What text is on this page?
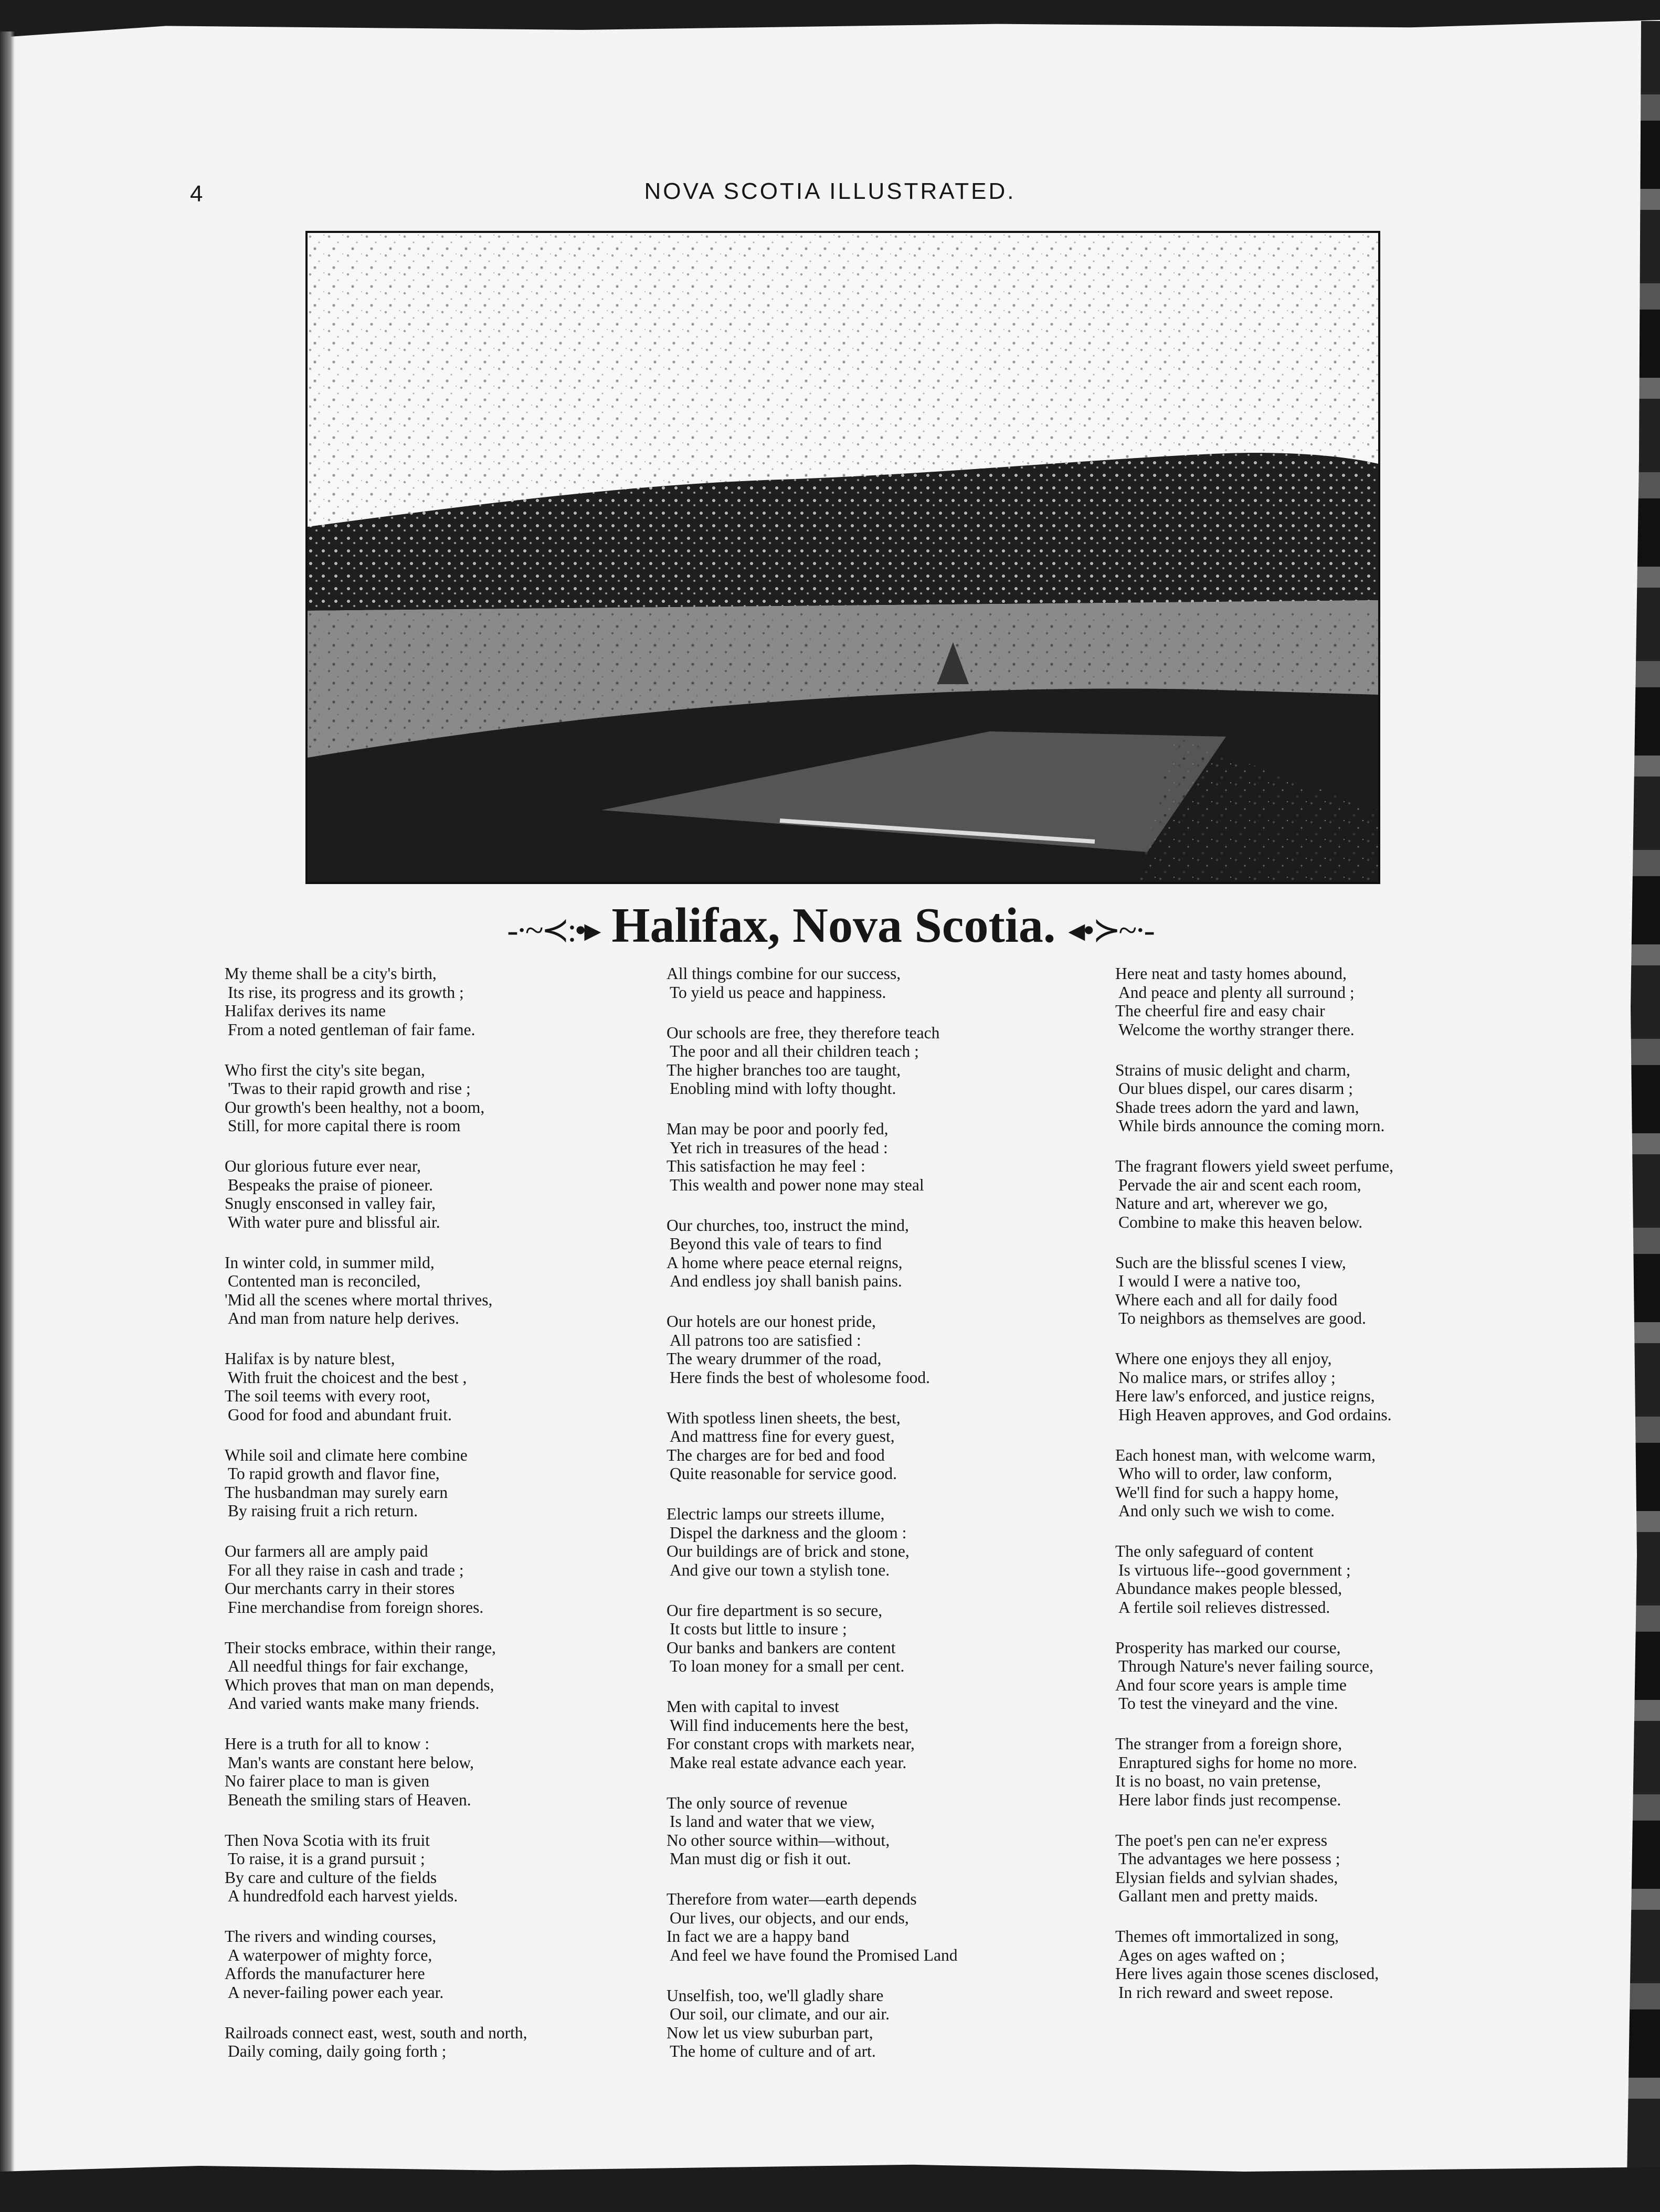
4	NOVA SCOTIA ILLUSTRATED.
-·~≺:•▸ Halifax, Nova Scotia. ◂•≻~·-
My theme shall be a city's birth,
Its rise, its progress and its growth ;
Halifax derives its name
From a noted gentleman of fair fame.
Who first the city's site began,
'Twas to their rapid growth and rise ;
Our growth's been healthy, not a boom,
Still, for more capital there is room
Our glorious future ever near,
Bespeaks the praise of pioneer.
Snugly ensconsed in valley fair,
With water pure and blissful air.
In winter cold, in summer mild,
Contented man is reconciled,
'Mid all the scenes where mortal thrives,
And man from nature help derives.
Halifax is by nature blest,
With fruit the choicest and the best ,
The soil teems with every root,
Good for food and abundant fruit.
While soil and climate here combine
To rapid growth and flavor fine,
The husbandman may surely earn
By raising fruit a rich return.
Our farmers all are amply paid
For all they raise in cash and trade ;
Our merchants carry in their stores
Fine merchandise from foreign shores.
Their stocks embrace, within their range,
All needful things for fair exchange,
Which proves that man on man depends,
And varied wants make many friends.
Here is a truth for all to know :
Man's wants are constant here below,
No fairer place to man is given
Beneath the smiling stars of Heaven.
Then Nova Scotia with its fruit
To raise, it is a grand pursuit ;
By care and culture of the fields
A hundredfold each harvest yields.
The rivers and winding courses,
A waterpower of mighty force,
Affords the manufacturer here
A never-failing power each year.
Railroads connect east, west, south and north,
Daily coming, daily going forth ;
All things combine for our success,
To yield us peace and happiness.
Our schools are free, they therefore teach
The poor and all their children teach ;
The higher branches too are taught,
Enobling mind with lofty thought.
Man may be poor and poorly fed,
Yet rich in treasures of the head :
This satisfaction he may feel :
This wealth and power none may steal
Our churches, too, instruct the mind,
Beyond this vale of tears to find
A home where peace eternal reigns,
And endless joy shall banish pains.
Our hotels are our honest pride,
All patrons too are satisfied :
The weary drummer of the road,
Here finds the best of wholesome food.
With spotless linen sheets, the best,
And mattress fine for every guest,
The charges are for bed and food
Quite reasonable for service good.
Electric lamps our streets illume,
Dispel the darkness and the gloom :
Our buildings are of brick and stone,
And give our town a stylish tone.
Our fire department is so secure,
It costs but little to insure ;
Our banks and bankers are content
To loan money for a small per cent.
Men with capital to invest
Will find inducements here the best,
For constant crops with markets near,
Make real estate advance each year.
The only source of revenue
Is land and water that we view,
No other source within—without,
Man must dig or fish it out.
Therefore from water—earth depends
Our lives, our objects, and our ends,
In fact we are a happy band
And feel we have found the Promised Land
Unselfish, too, we'll gladly share
Our soil, our climate, and our air.
Now let us view suburban part,
The home of culture and of art.
Here neat and tasty homes abound,
And peace and plenty all surround ;
The cheerful fire and easy chair
Welcome the worthy stranger there.
Strains of music delight and charm,
Our blues dispel, our cares disarm ;
Shade trees adorn the yard and lawn,
While birds announce the coming morn.
The fragrant flowers yield sweet perfume,
Pervade the air and scent each room,
Nature and art, wherever we go,
Combine to make this heaven below.
Such are the blissful scenes I view,
I would I were a native too,
Where each and all for daily food
To neighbors as themselves are good.
Where one enjoys they all enjoy,
No malice mars, or strifes alloy ;
Here law's enforced, and justice reigns,
High Heaven approves, and God ordains.
Each honest man, with welcome warm,
Who will to order, law conform,
We'll find for such a happy home,
And only such we wish to come.
The only safeguard of content
Is virtuous life--good government ;
Abundance makes people blessed,
A fertile soil relieves distressed.
Prosperity has marked our course,
Through Nature's never failing source,
And four score years is ample time
To test the vineyard and the vine.
The stranger from a foreign shore,
Enraptured sighs for home no more.
It is no boast, no vain pretense,
Here labor finds just recompense.
The poet's pen can ne'er express
The advantages we here possess ;
Elysian fields and sylvian shades,
Gallant men and pretty maids.
Themes oft immortalized in song,
Ages on ages wafted on ;
Here lives again those scenes disclosed,
In rich reward and sweet repose.
